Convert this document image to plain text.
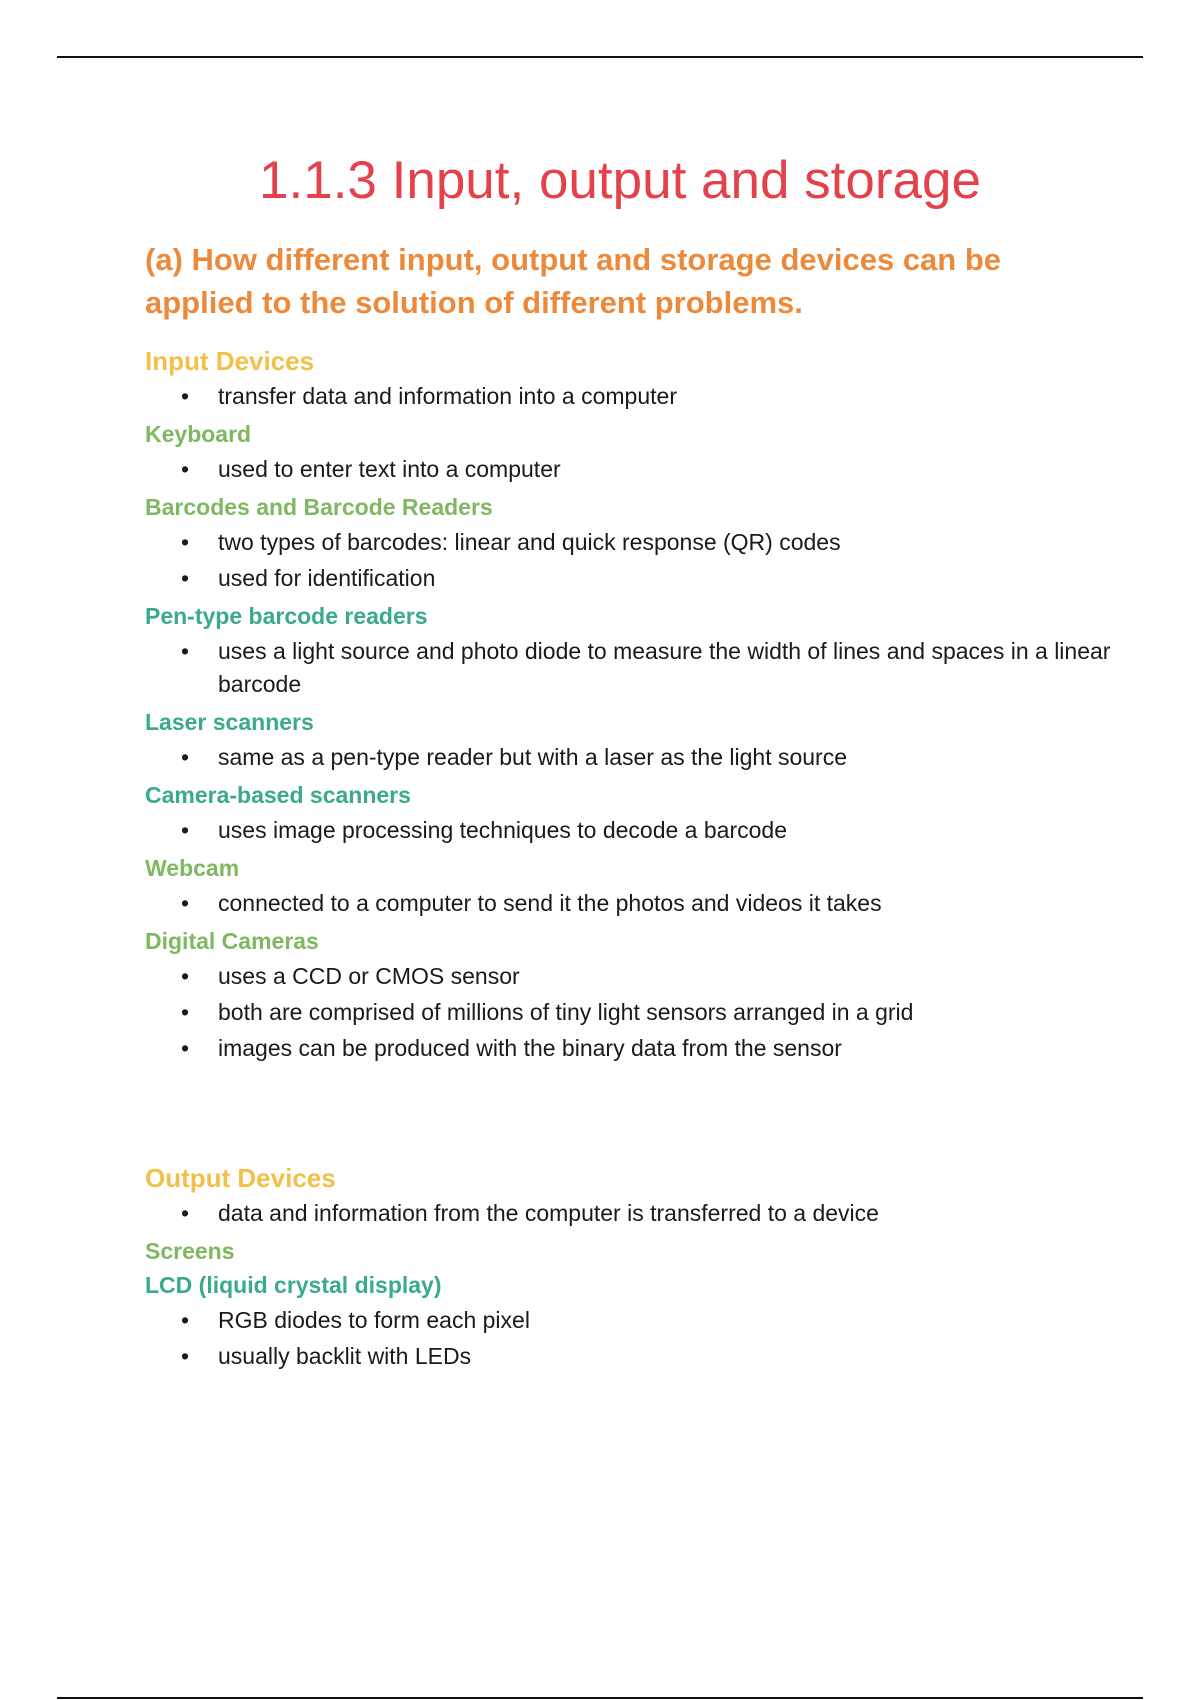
1.1.3 Input, output and storage
(a) How different input, output and storage devices can be applied to the solution of different problems.
Input Devices
• transfer data and information into a computer
Keyboard
• used to enter text into a computer
Barcodes and Barcode Readers
• two types of barcodes: linear and quick response (QR) codes
• used for identification
Pen-type barcode readers
• uses a light source and photo diode to measure the width of lines and spaces in a linear barcode
Laser scanners
• same as a pen-type reader but with a laser as the light source
Camera-based scanners
• uses image processing techniques to decode a barcode
Webcam
• connected to a computer to send it the photos and videos it takes
Digital Cameras
• uses a CCD or CMOS sensor
• both are comprised of millions of tiny light sensors arranged in a grid
• images can be produced with the binary data from the sensor
Output Devices
• data and information from the computer is transferred to a device
Screens
LCD (liquid crystal display)
• RGB diodes to form each pixel
• usually backlit with LEDs
